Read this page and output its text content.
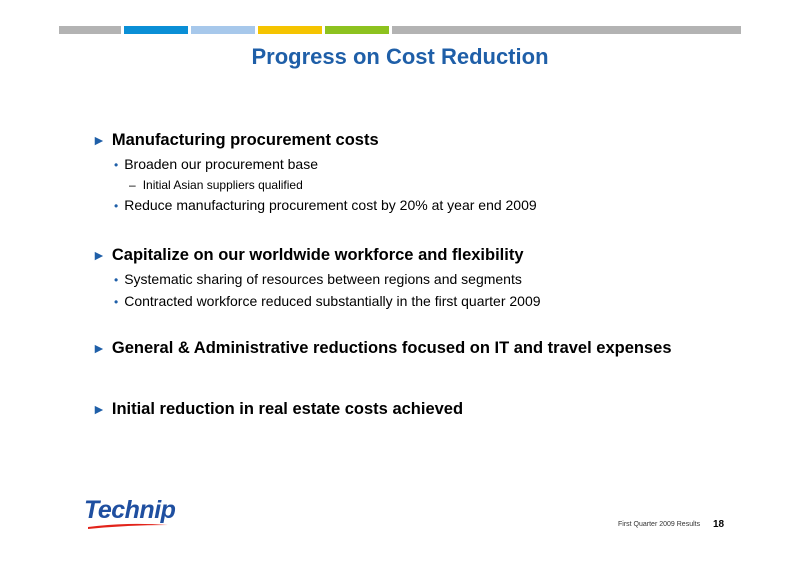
Progress on Cost Reduction
► Manufacturing procurement costs
• Broaden our procurement base
– Initial Asian suppliers qualified
• Reduce manufacturing procurement cost by 20% at year end 2009
► Capitalize on our worldwide workforce and flexibility
• Systematic sharing of resources between regions and segments
• Contracted workforce reduced substantially in the first quarter 2009
► General & Administrative reductions focused on IT and travel expenses
► Initial reduction in real estate costs achieved
Technip
First Quarter 2009 Results 18
